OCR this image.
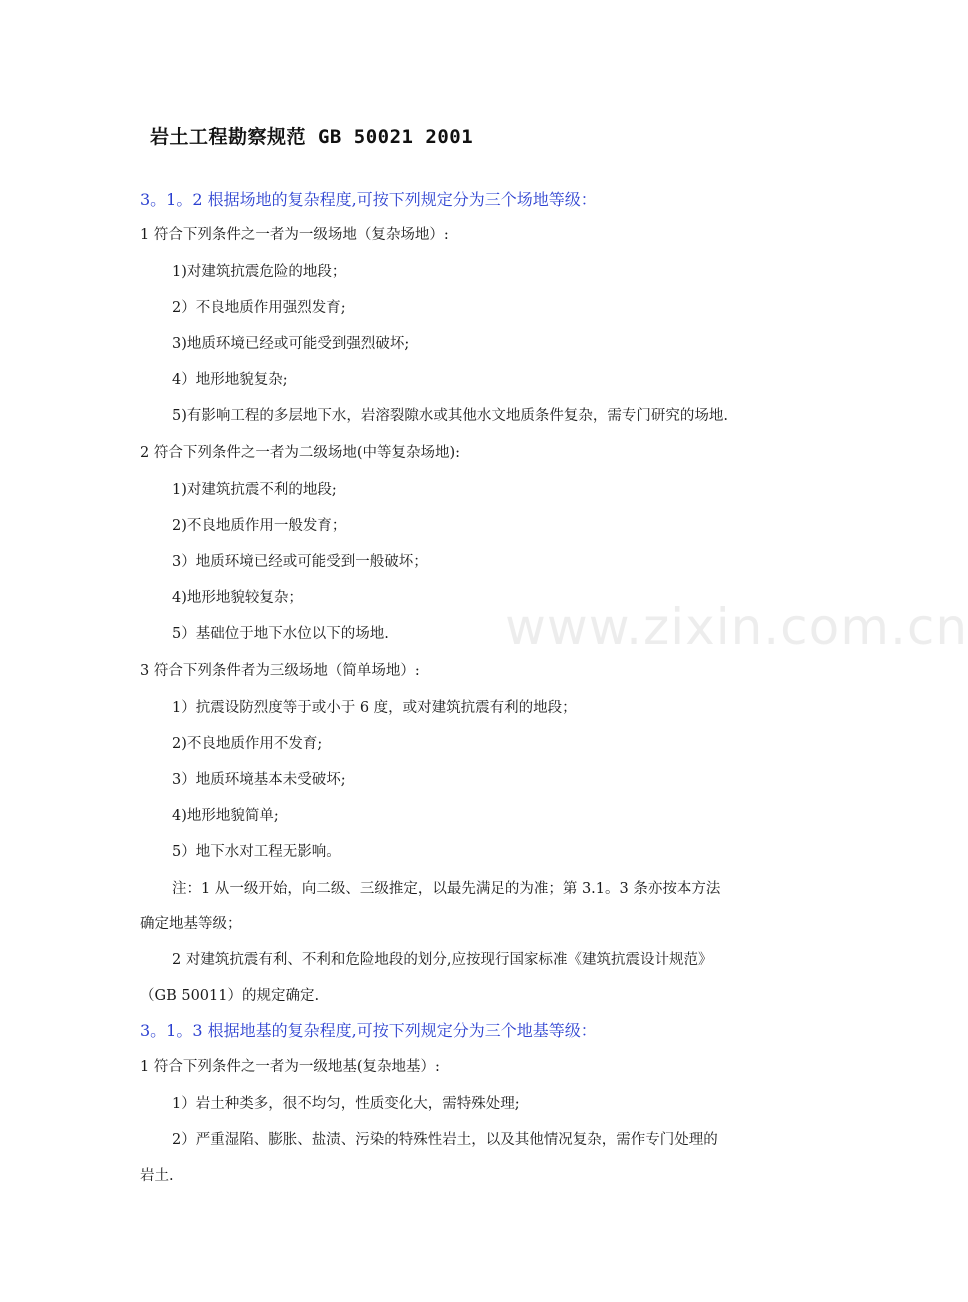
www.zixin.com.cn
岩土工程勘察规范 GB 50021 2001
3。1。2 根据场地的复杂程度,可按下列规定分为三个场地等级：
1 符合下列条件之一者为一级场地（复杂场地）:
1)对建筑抗震危险的地段；
2）不良地质作用强烈发育;
3)地质环境已经或可能受到强烈破坏;
4）地形地貌复杂;
5)有影响工程的多层地下水，岩溶裂隙水或其他水文地质条件复杂，需专门研究的场地.
2 符合下列条件之一者为二级场地(中等复杂场地):
1)对建筑抗震不利的地段;
2)不良地质作用一般发育；
3）地质环境已经或可能受到一般破坏；
4)地形地貌较复杂；
5）基础位于地下水位以下的场地.
3 符合下列条件者为三级场地（简单场地）:
1）抗震设防烈度等于或小于 6 度，或对建筑抗震有利的地段；
2)不良地质作用不发育;
3）地质环境基本未受破坏;
4)地形地貌简单;
5）地下水对工程无影响。
注：1 从一级开始，向二级、三级推定，以最先满足的为准；第 3.1。3 条亦按本方法
确定地基等级；
2 对建筑抗震有利、不利和危险地段的划分,应按现行国家标准《建筑抗震设计规范》
（GB 50011）的规定确定.
3。1。3 根据地基的复杂程度,可按下列规定分为三个地基等级：
1 符合下列条件之一者为一级地基(复杂地基）:
1）岩土种类多，很不均匀，性质变化大，需特殊处理;
2）严重湿陷、膨胀、盐渍、污染的特殊性岩土，以及其他情况复杂，需作专门处理的
岩土.
